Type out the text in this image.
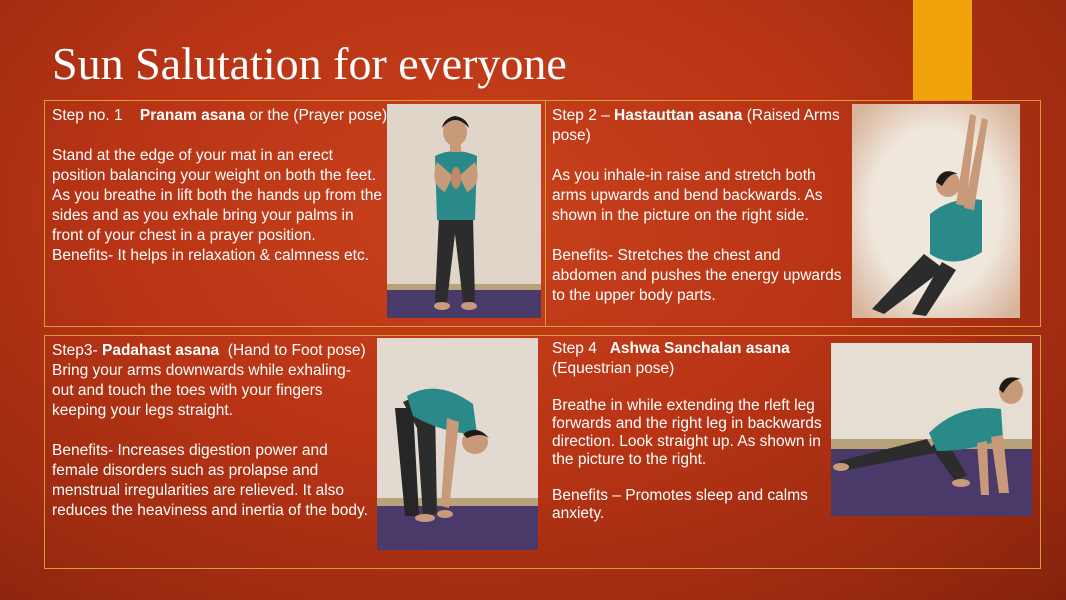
Sun Salutation for everyone

Step no. 1    Pranam asana or the (Prayer pose)

Stand at the edge of your mat in an erect position balancing your weight on both the feet. As you breathe in lift both the hands up from the sides and as you exhale bring your palms in front of your chest in a prayer position.

Benefits- It helps in relaxation & calmness etc.

Step 2 – Hastauttan asana (Raised Arms pose)

As you inhale-in raise and stretch both arms upwards and bend backwards. As shown in the picture on the right side.

Benefits- Stretches the chest and abdomen and pushes the energy upwards to the upper body parts.

Step3- Padahast asana  (Hand to Foot pose)

Bring your arms downwards while exhaling-out and touch the toes with your fingers keeping your legs straight.

Benefits- Increases digestion power and female disorders such as prolapse and menstrual irregularities are relieved. It also reduces the heaviness and inertia of the body.

Step 4   Ashwa Sanchalan asana (Equestrian pose)

Breathe in while extending the rleft leg forwards and the right leg in backwards direction. Look straight up. As shown in the picture to the right.

Benefits – Promotes sleep and calms anxiety.
